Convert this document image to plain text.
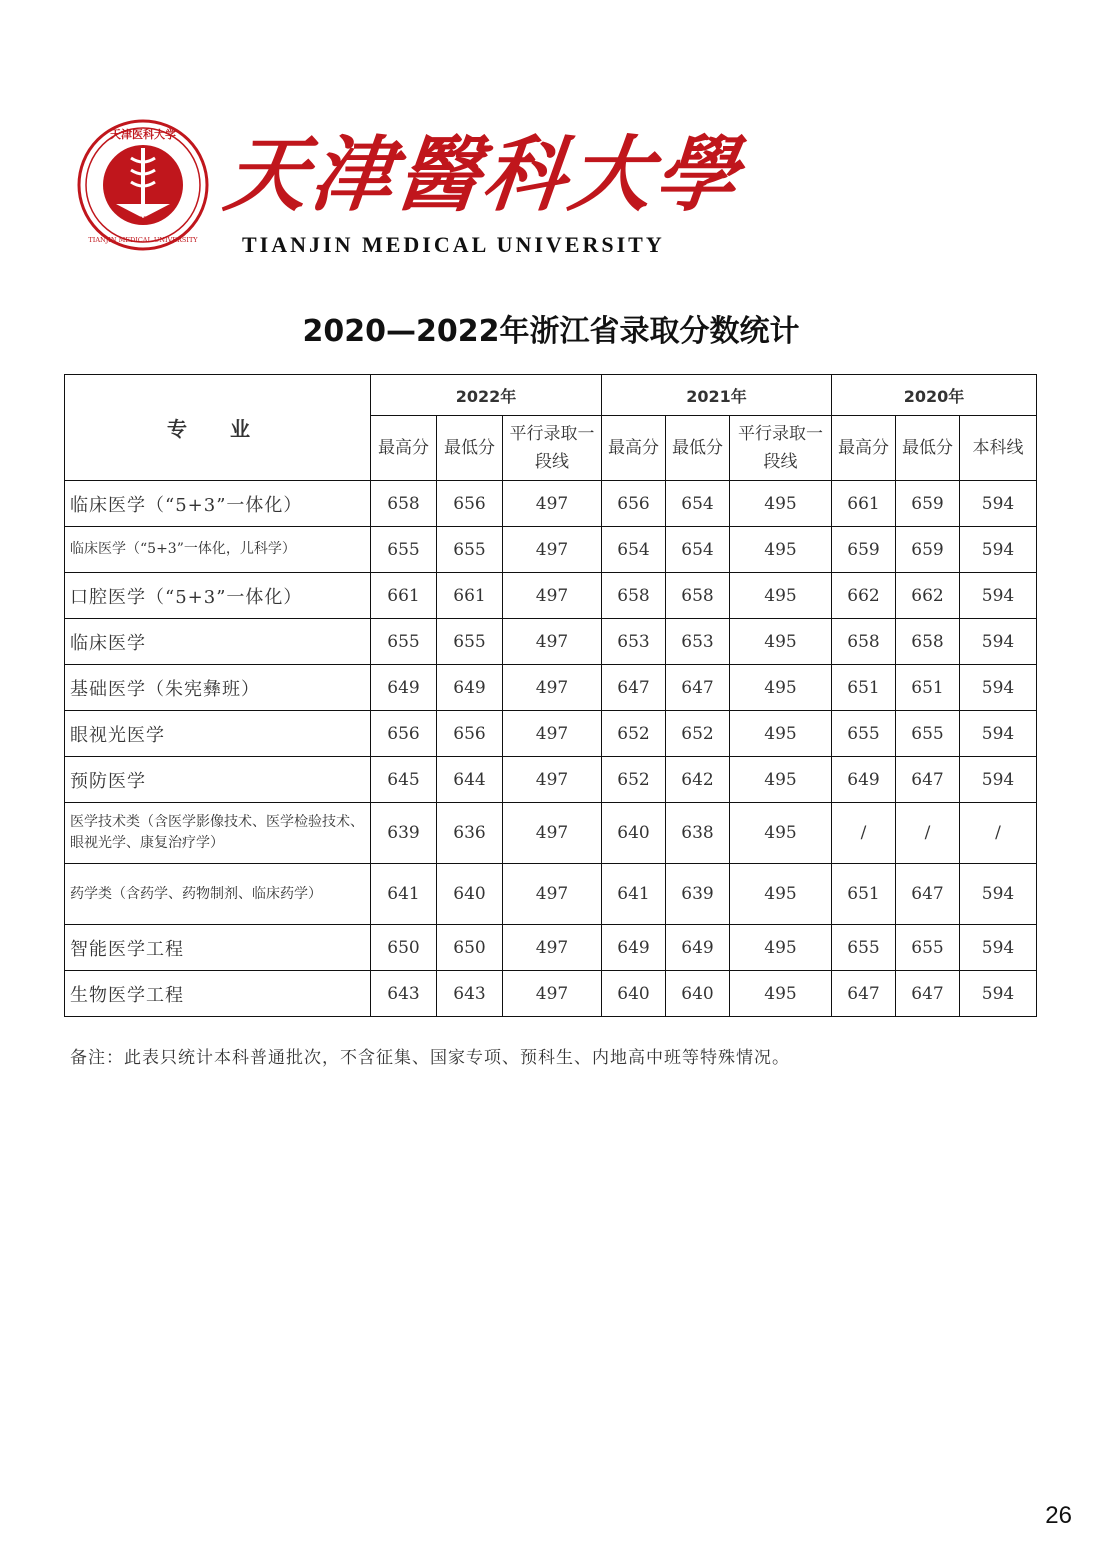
1951
天津医科大学
TIANJIN MEDICAL UNIVERSITY
天津醫科大學
TIANJIN MEDICAL UNIVERSITY
2020—2022年浙江省录取分数统计
专 业	2022年			2021年			2020年		
	最高分	最低分	平行录取一段线	最高分	最低分	平行录取一段线	最高分	最低分	本科线
临床医学（“5+3”一体化）	658	656	497	656	654	495	661	659	594
临床医学（“5+3”一体化，儿科学）	655	655	497	654	654	495	659	659	594
口腔医学（“5+3”一体化）	661	661	497	658	658	495	662	662	594
临床医学	655	655	497	653	653	495	658	658	594
基础医学（朱宪彝班）	649	649	497	647	647	495	651	651	594
眼视光医学	656	656	497	652	652	495	655	655	594
预防医学	645	644	497	652	642	495	649	647	594
医学技术类（含医学影像技术、医学检验技术、眼视光学、康复治疗学）	639	636	497	640	638	495	/	/	/
药学类（含药学、药物制剂、临床药学）	641	640	497	641	639	495	651	647	594
智能医学工程	650	650	497	649	649	495	655	655	594
生物医学工程	643	643	497	640	640	495	647	647	594
备注：此表只统计本科普通批次，不含征集、国家专项、预科生、内地高中班等特殊情况。
26
